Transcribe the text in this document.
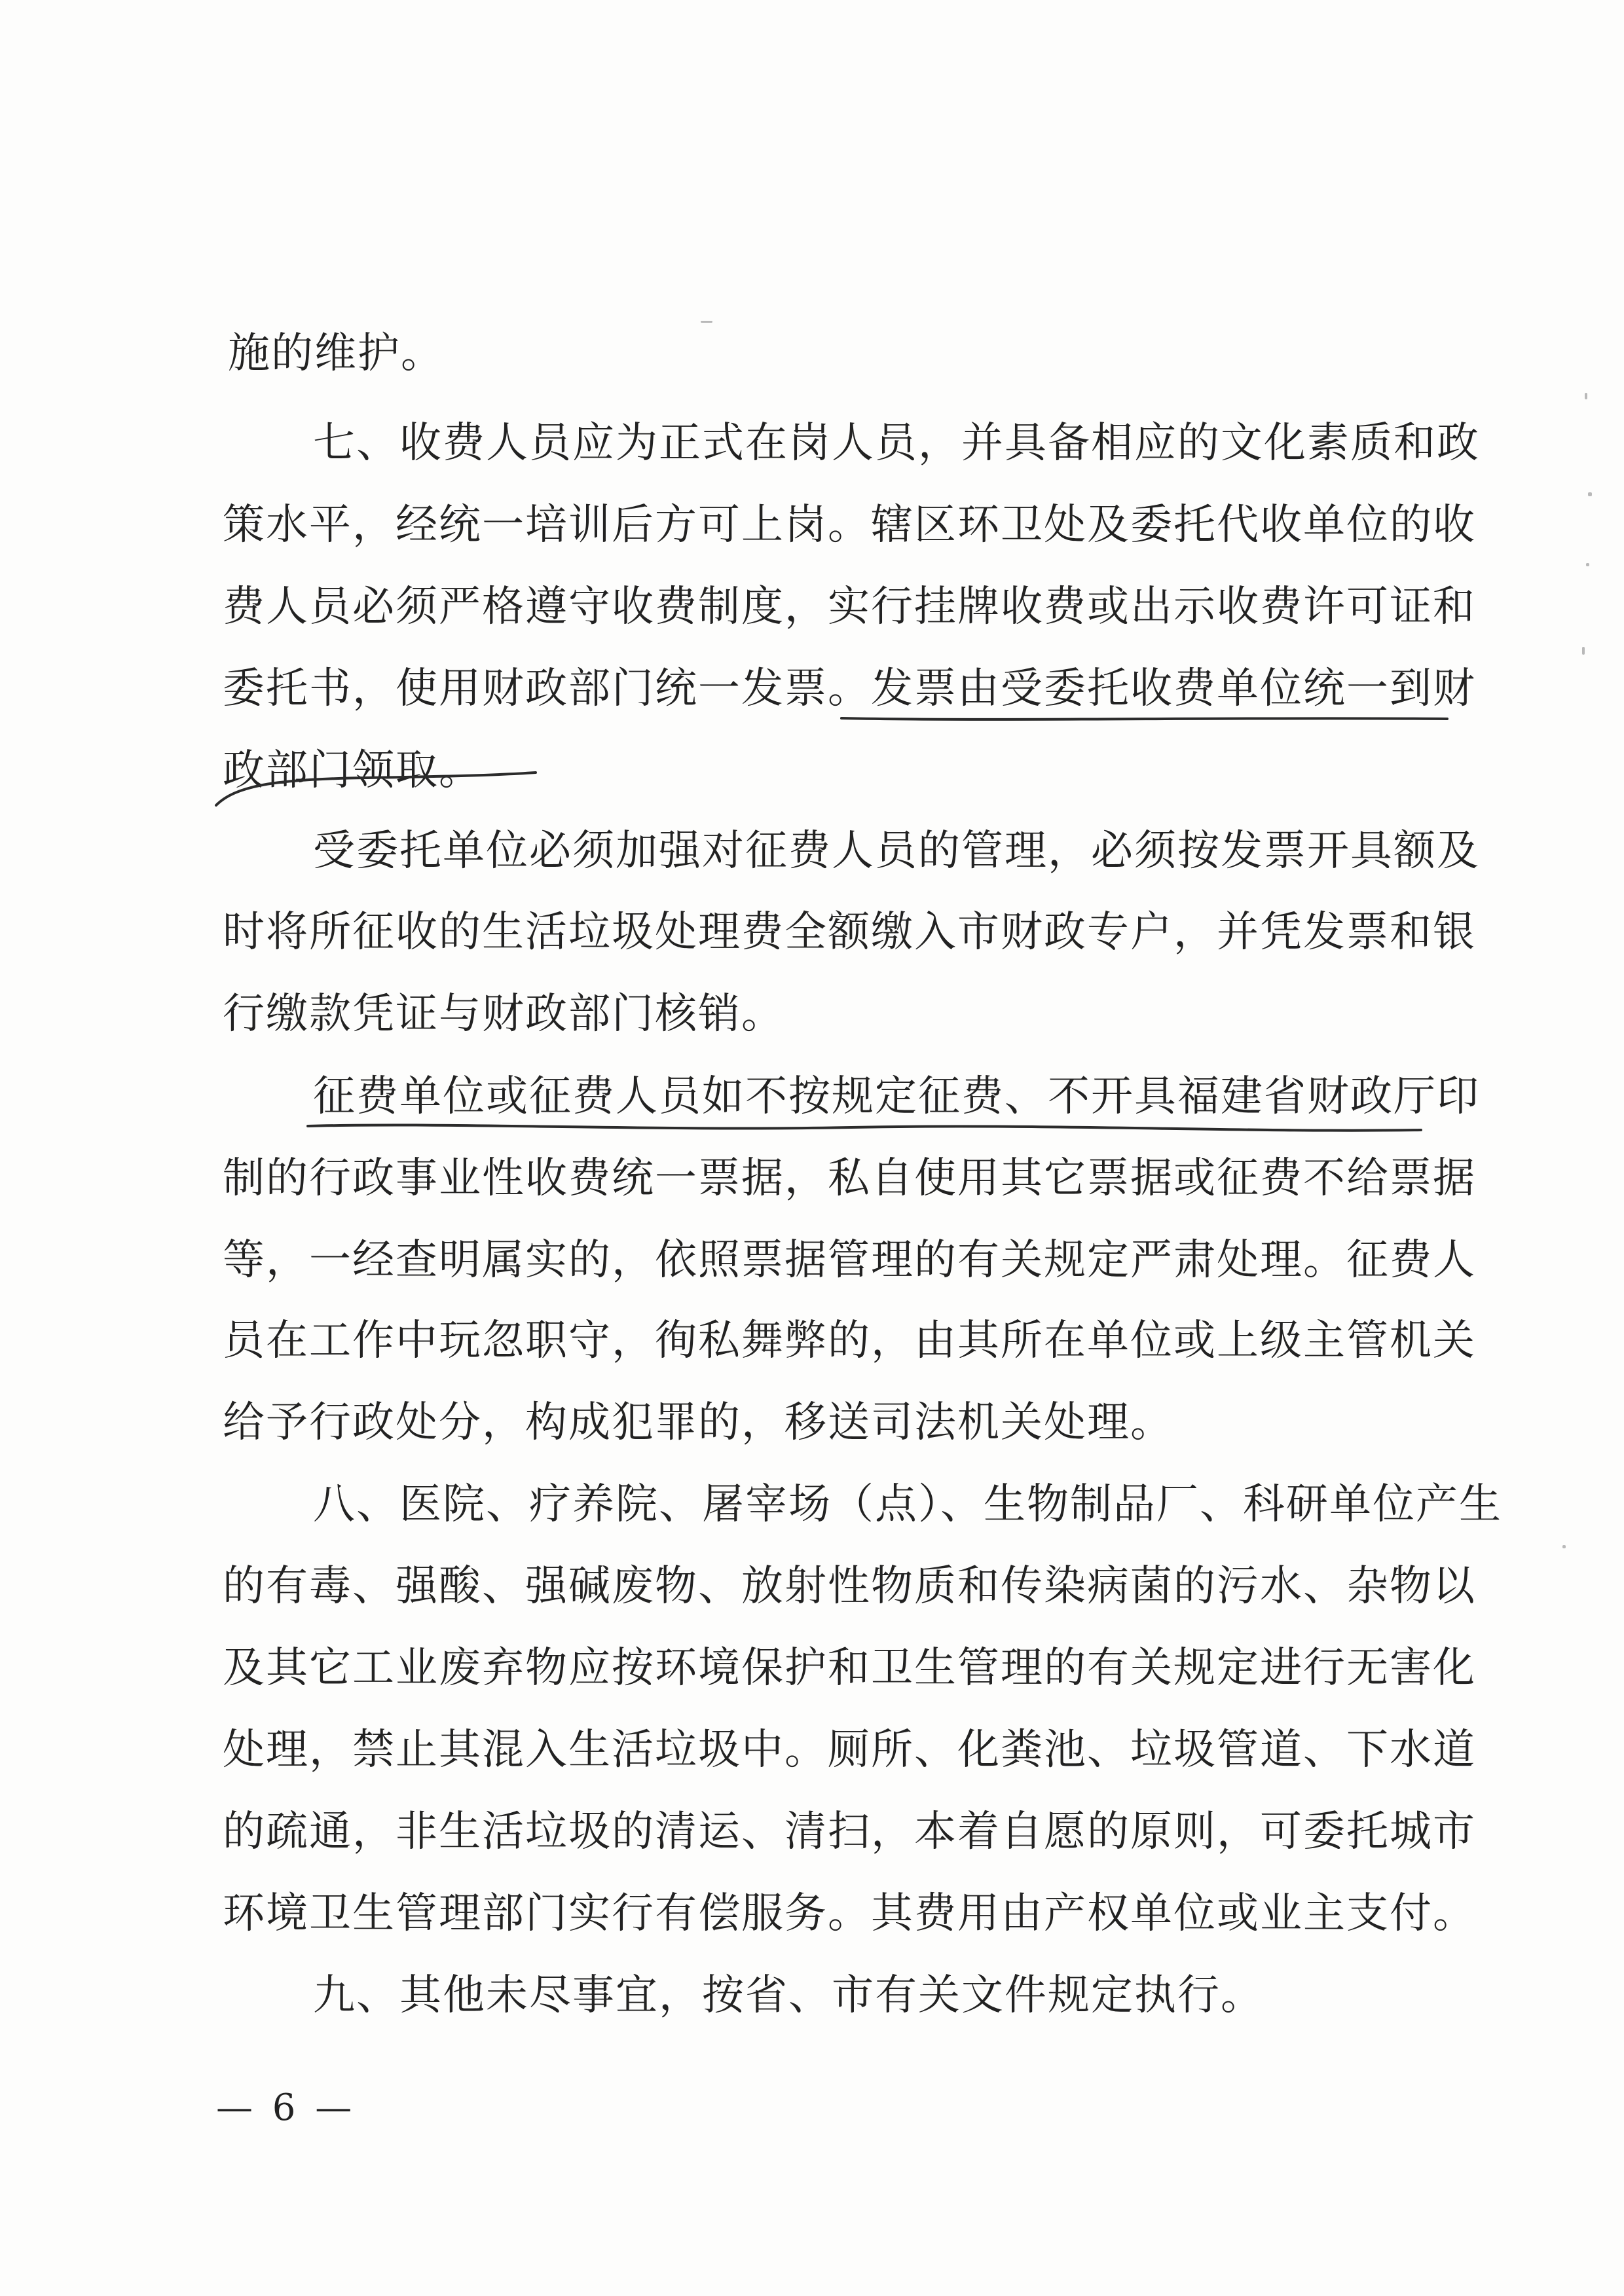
施的维护。
七、收费人员应为正式在岗人员，并具备相应的文化素质和政
策水平，经统一培训后方可上岗。辖区环卫处及委托代收单位的收
费人员必须严格遵守收费制度，实行挂牌收费或出示收费许可证和
委托书，使用财政部门统一发票。发票由受委托收费单位统一到财
政部门领取。
受委托单位必须加强对征费人员的管理，必须按发票开具额及
时将所征收的生活垃圾处理费全额缴入市财政专户，并凭发票和银
行缴款凭证与财政部门核销。
征费单位或征费人员如不按规定征费、不开具福建省财政厅印
制的行政事业性收费统一票据，私自使用其它票据或征费不给票据
等，一经查明属实的，依照票据管理的有关规定严肃处理。征费人
员在工作中玩忽职守，徇私舞弊的，由其所在单位或上级主管机关
给予行政处分，构成犯罪的，移送司法机关处理。
八、医院、疗养院、屠宰场（点）、生物制品厂、科研单位产生
的有毒、强酸、强碱废物、放射性物质和传染病菌的污水、杂物以
及其它工业废弃物应按环境保护和卫生管理的有关规定进行无害化
处理，禁止其混入生活垃圾中。厕所、化粪池、垃圾管道、下水道
的疏通，非生活垃圾的清运、清扫，本着自愿的原则，可委托城市
环境卫生管理部门实行有偿服务。其费用由产权单位或业主支付。
九、其他未尽事宜，按省、市有关文件规定执行。
— 6 —
